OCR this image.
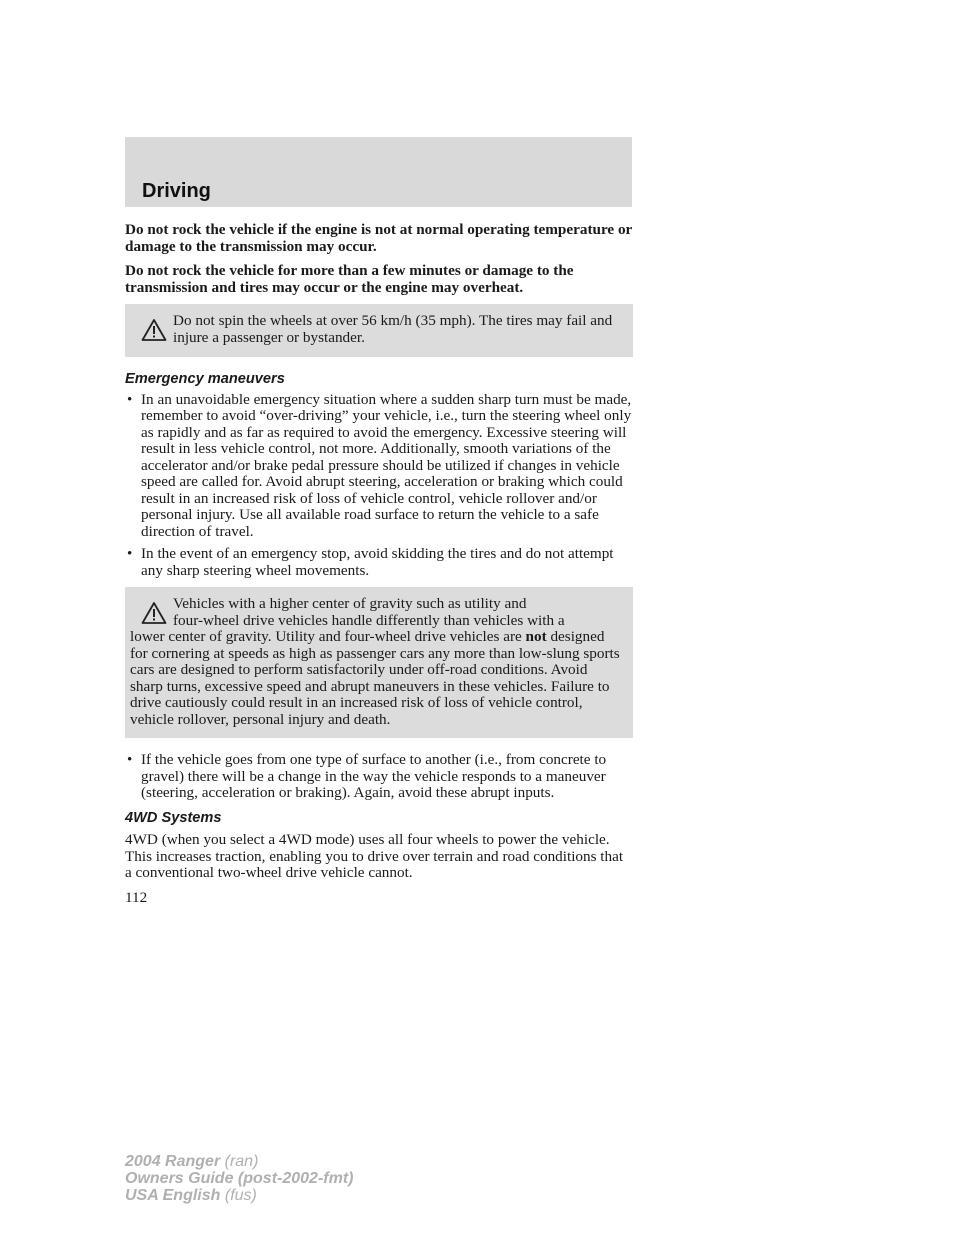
Driving

Do not rock the vehicle if the engine is not at normal operating temperature or damage to the transmission may occur.

Do not rock the vehicle for more than a few minutes or damage to the transmission and tires may occur or the engine may overheat.

Do not spin the wheels at over 56 km/h (35 mph). The tires may fail and injure a passenger or bystander.
Emergency maneuvers
• In an unavoidable emergency situation where a sudden sharp turn must be made, remember to avoid “over-driving” your vehicle, i.e., turn the steering wheel only as rapidly and as far as required to avoid the emergency. Excessive steering will result in less vehicle control, not more. Additionally, smooth variations of the accelerator and/or brake pedal pressure should be utilized if changes in vehicle speed are called for. Avoid abrupt steering, acceleration or braking which could result in an increased risk of loss of vehicle control, vehicle rollover and/or personal injury. Use all available road surface to return the vehicle to a safe direction of travel.
• In the event of an emergency stop, avoid skidding the tires and do not attempt any sharp steering wheel movements.
Vehicles with a higher center of gravity such as utility and
four-wheel drive vehicles handle differently than vehicles with a
lower center of gravity. Utility and four-wheel drive vehicles are not designed for cornering at speeds as high as passenger cars any more than low-slung sports cars are designed to perform satisfactorily under off-road conditions. Avoid sharp turns, excessive speed and abrupt maneuvers in these vehicles. Failure to drive cautiously could result in an increased risk of loss of vehicle control, vehicle rollover, personal injury and death.
• If the vehicle goes from one type of surface to another (i.e., from concrete to gravel) there will be a change in the way the vehicle responds to a maneuver (steering, acceleration or braking). Again, avoid these abrupt inputs.
4WD Systems

4WD (when you select a 4WD mode) uses all four wheels to power the vehicle. This increases traction, enabling you to drive over terrain and road conditions that a conventional two-wheel drive vehicle cannot.

112
2004 Ranger (ran)
Owners Guide (post-2002-fmt)
USA English (fus)
